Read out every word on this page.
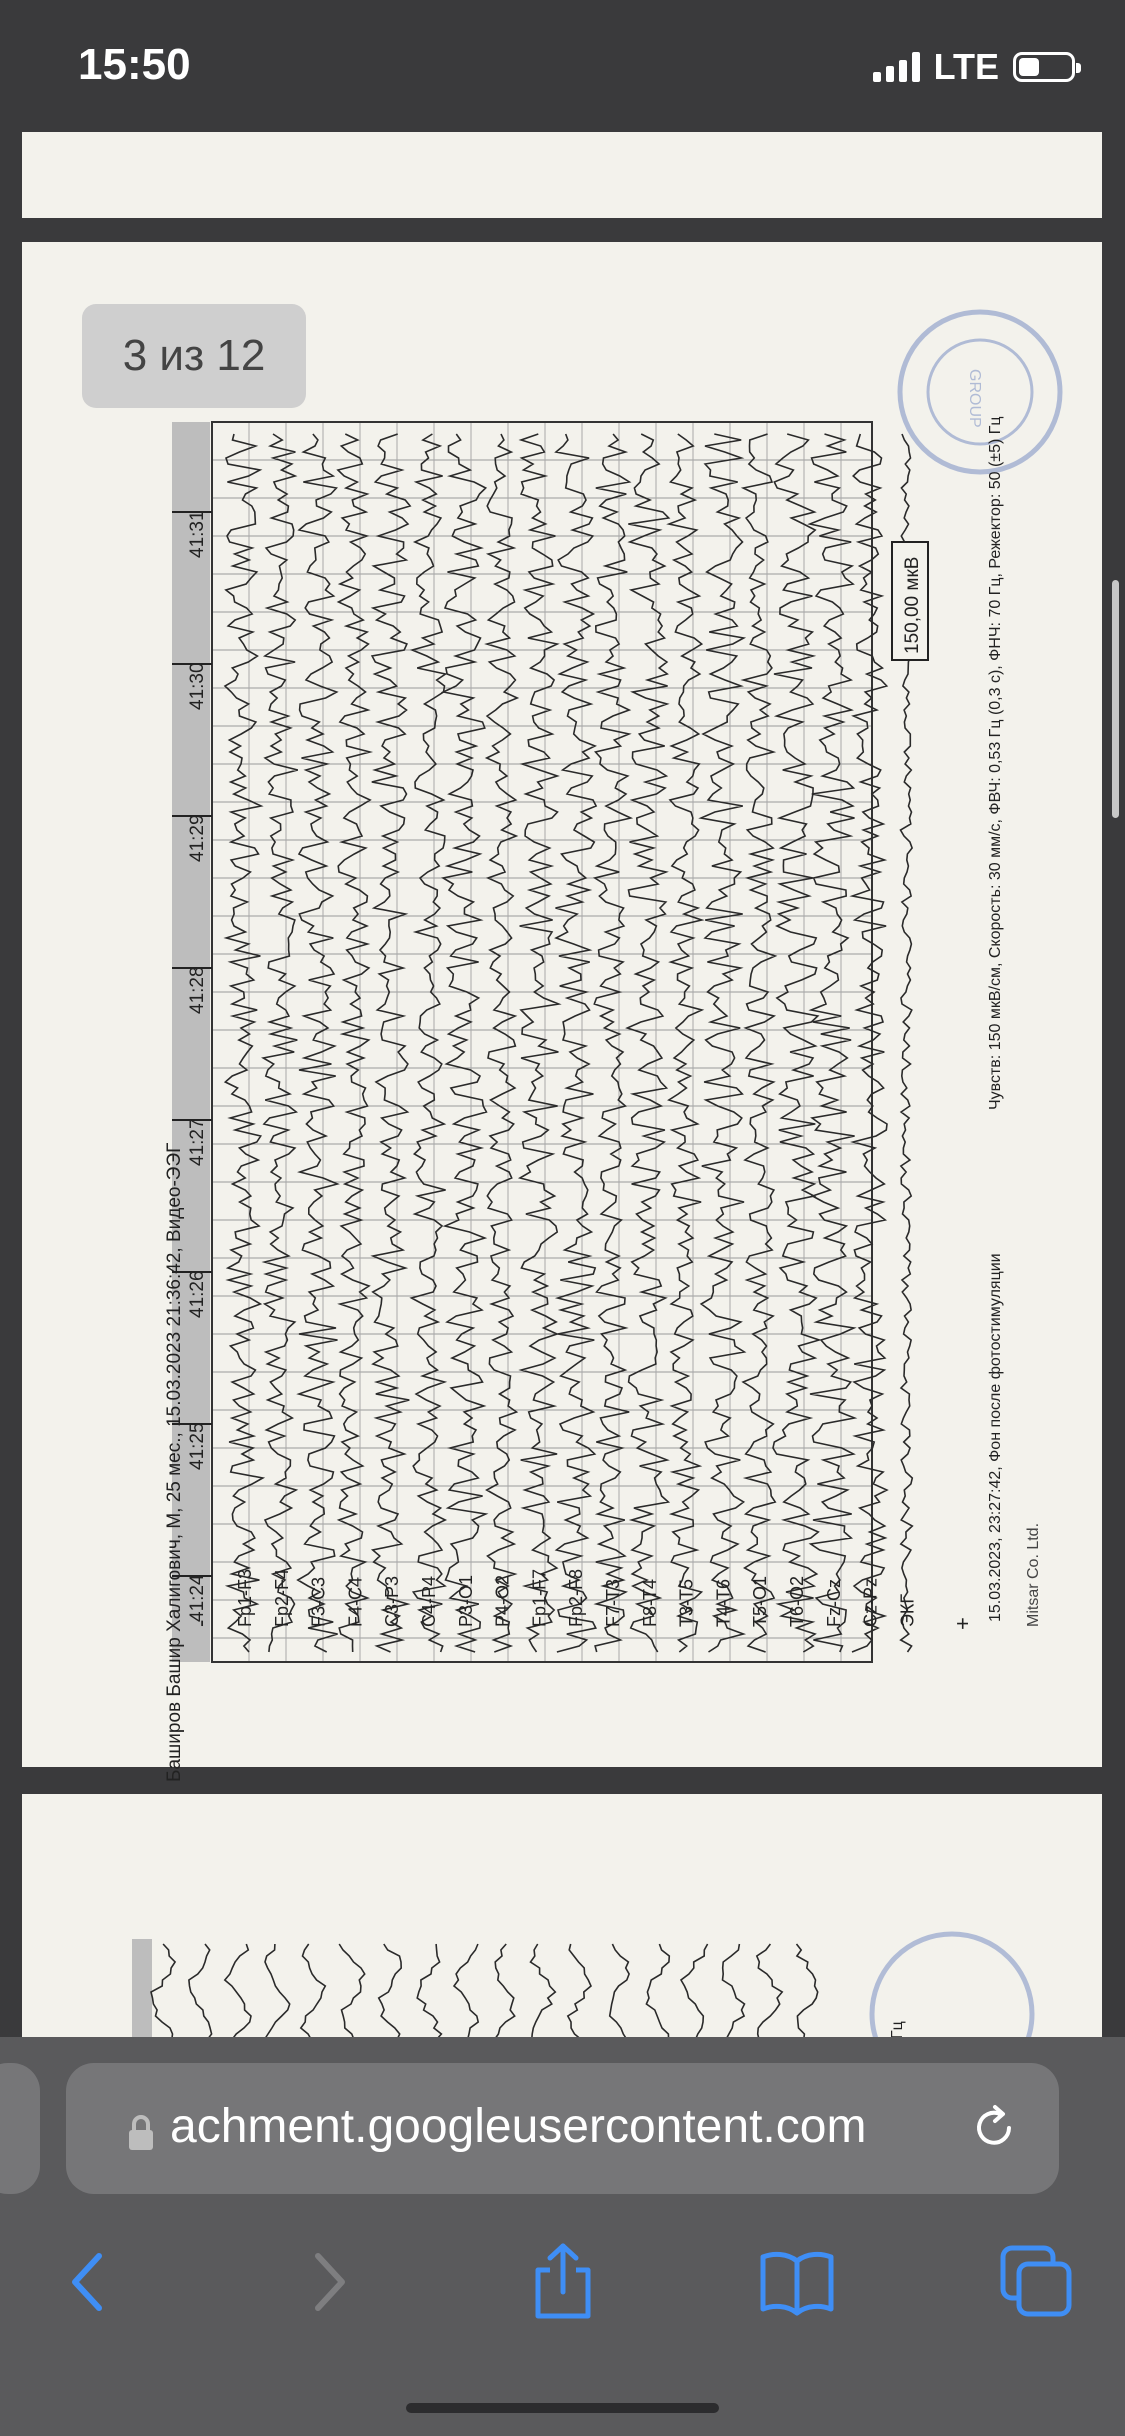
15:50	LTE
GROUP
Баширов Башир Халигович, М, 25 мес., 15.03.2023 21:36:42, Видео-ЭЭГ -	+
41:24
41:25
41:26
41:27
41:28
41:29
41:30
41:31
Fp1-F3 Fp2-F4 F3-C3 F4-C4 C3-P3 C4-P4 P3-O1 P4-O2 Fp1-F7 Fp2-F8 F7-T3 F8-T4 T3-T5 T4-T6 T5-O1 T6-O2 Fz-Cz Cz-Pz ЭКГ
150,00 мкВ
15.03.2023, 23:27:42, Фон после фотостимуляции
Чувств: 150 мкВ/см, Скорость: 30 мм/с, ФВЧ: 0,53 Гц (0,3 с), ФНЧ: 70 Гц, Режектор: 50 (±5) Гц
Mitsar Co. Ltd.
3 из 12
achment.googleusercontent.com
